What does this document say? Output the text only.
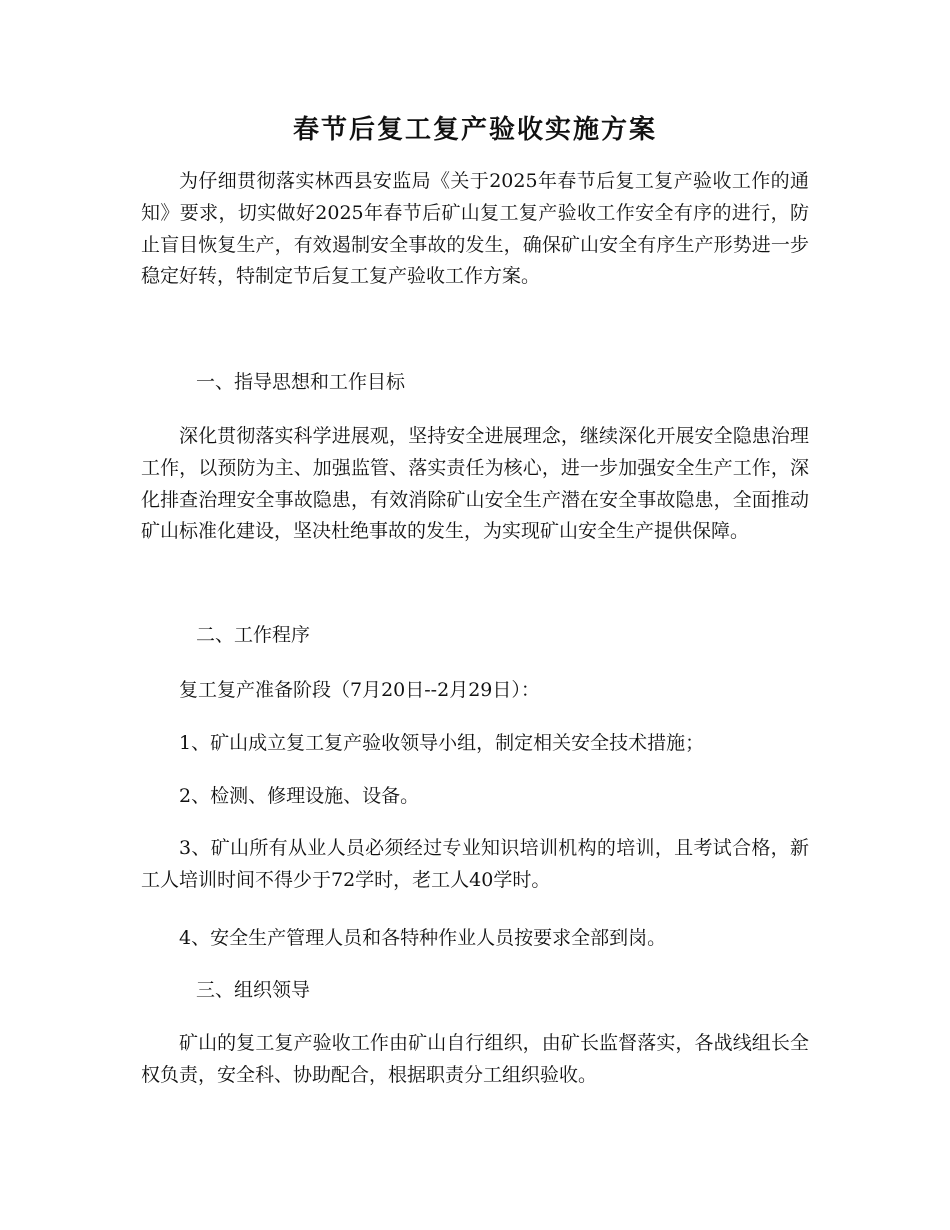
春节后复工复产验收实施方案

为仔细贯彻落实林西县安监局《关于2025年春节后复工复产验收工作的通知》要求，切实做好2025年春节后矿山复工复产验收工作安全有序的进行，防止盲目恢复生产，有效遏制安全事故的发生，确保矿山安全有序生产形势进一步稳定好转，特制定节后复工复产验收工作方案。

一、指导思想和工作目标

深化贯彻落实科学进展观，坚持安全进展理念，继续深化开展安全隐患治理工作，以预防为主、加强监管、落实责任为核心，进一步加强安全生产工作，深化排查治理安全事故隐患，有效消除矿山安全生产潜在安全事故隐患，全面推动矿山标准化建设，坚决杜绝事故的发生，为实现矿山安全生产提供保障。

二、工作程序

复工复产准备阶段（7月20日--2月29日）：

1、矿山成立复工复产验收领导小组，制定相关安全技术措施；

2、检测、修理设施、设备。

3、矿山所有从业人员必须经过专业知识培训机构的培训，且考试合格，新工人培训时间不得少于72学时，老工人40学时。

4、安全生产管理人员和各特种作业人员按要求全部到岗。

三、组织领导

矿山的复工复产验收工作由矿山自行组织，由矿长监督落实，各战线组长全权负责，安全科、协助配合，根据职责分工组织验收。
